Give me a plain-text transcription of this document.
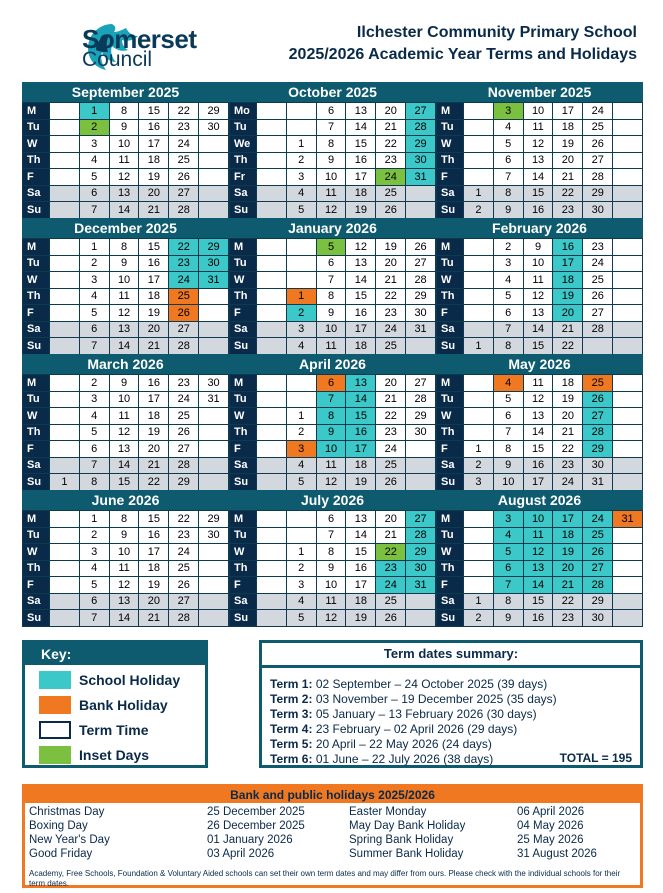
Somerset
Council
Ilchester Community Primary School
2025/2026 Academic Year Terms and Holidays
September 2025
M		1	8	15	22	29
Tu		2	9	16	23	30
W		3	10	17	24	
Th		4	11	18	25	
F		5	12	19	26	
Sa		6	13	20	27	
Su		7	14	21	28	
October 2025
Mo			6	13	20	27
Tu			7	14	21	28
We		1	8	15	22	29
Th		2	9	16	23	30
Fr		3	10	17	24	31
Sa		4	11	18	25	
Su		5	12	19	26	
November 2025
M		3	10	17	24	
Tu		4	11	18	25	
W		5	12	19	26	
Th		6	13	20	27	
F		7	14	21	28	
Sa	1	8	15	22	29	
Su	2	9	16	23	30	
December 2025
M		1	8	15	22	29
Tu		2	9	16	23	30
W		3	10	17	24	31
Th		4	11	18	25	
F		5	12	19	26	
Sa		6	13	20	27	
Su		7	14	21	28	
January 2026
M			5	12	19	26
Tu			6	13	20	27
W			7	14	21	28
Th		1	8	15	22	29
F		2	9	16	23	30
Sa		3	10	17	24	31
Su		4	11	18	25	
February 2026
M		2	9	16	23	
Tu		3	10	17	24	
W		4	11	18	25	
Th		5	12	19	26	
F		6	13	20	27	
Sa		7	14	21	28	
Su	1	8	15	22		
March 2026
M		2	9	16	23	30
Tu		3	10	17	24	31
W		4	11	18	25	
Th		5	12	19	26	
F		6	13	20	27	
Sa		7	14	21	28	
Su	1	8	15	22	29	
April 2026
M			6	13	20	27
Tu			7	14	21	28
W		1	8	15	22	29
Th		2	9	16	23	30
F		3	10	17	24	
Sa		4	11	18	25	
Su		5	12	19	26	
May 2026
M		4	11	18	25	
Tu		5	12	19	26	
W		6	13	20	27	
Th		7	14	21	28	
F	1	8	15	22	29	
Sa	2	9	16	23	30	
Su	3	10	17	24	31	
June 2026
M		1	8	15	22	29
Tu		2	9	16	23	30
W		3	10	17	24	
Th		4	11	18	25	
F		5	12	19	26	
Sa		6	13	20	27	
Su		7	14	21	28	
July 2026
M			6	13	20	27
Tu			7	14	21	28
W		1	8	15	22	29
Th		2	9	16	23	30
F		3	10	17	24	31
Sa		4	11	18	25	
Su		5	12	19	26	
August 2026
M		3	10	17	24	31
Tu		4	11	18	25	
W		5	12	19	26	
Th		6	13	20	27	
F		7	14	21	28	
Sa	1	8	15	22	29	
Su	2	9	16	23	30	
Key:
School Holiday
Bank Holiday
Term Time
Inset Days
Term dates summary:
Term 1: 02 September – 24 October 2025 (39 days)
Term 2: 03 November – 19 December 2025 (35 days)
Term 3: 05 January – 13 February 2026 (30 days)
Term 4: 23 February – 02 April 2026 (29 days)
Term 5: 20 April – 22 May 2026 (24 days)
Term 6: 01 June – 22 July 2026 (38 days)	TOTAL = 195
Bank and public holidays 2025/2026
Christmas Day	25 December 2025
Boxing Day	26 December 2025
New Year's Day	01 January 2026
Good Friday	03 April 2026
Easter Monday	06 April 2026
May Day Bank Holiday	04 May 2026
Spring Bank Holiday	25 May 2026
Summer Bank Holiday	31 August 2026
Academy, Free Schools, Foundation & Voluntary Aided schools can set their own term dates and may differ from ours. Please check with the individual schools for their term dates.
